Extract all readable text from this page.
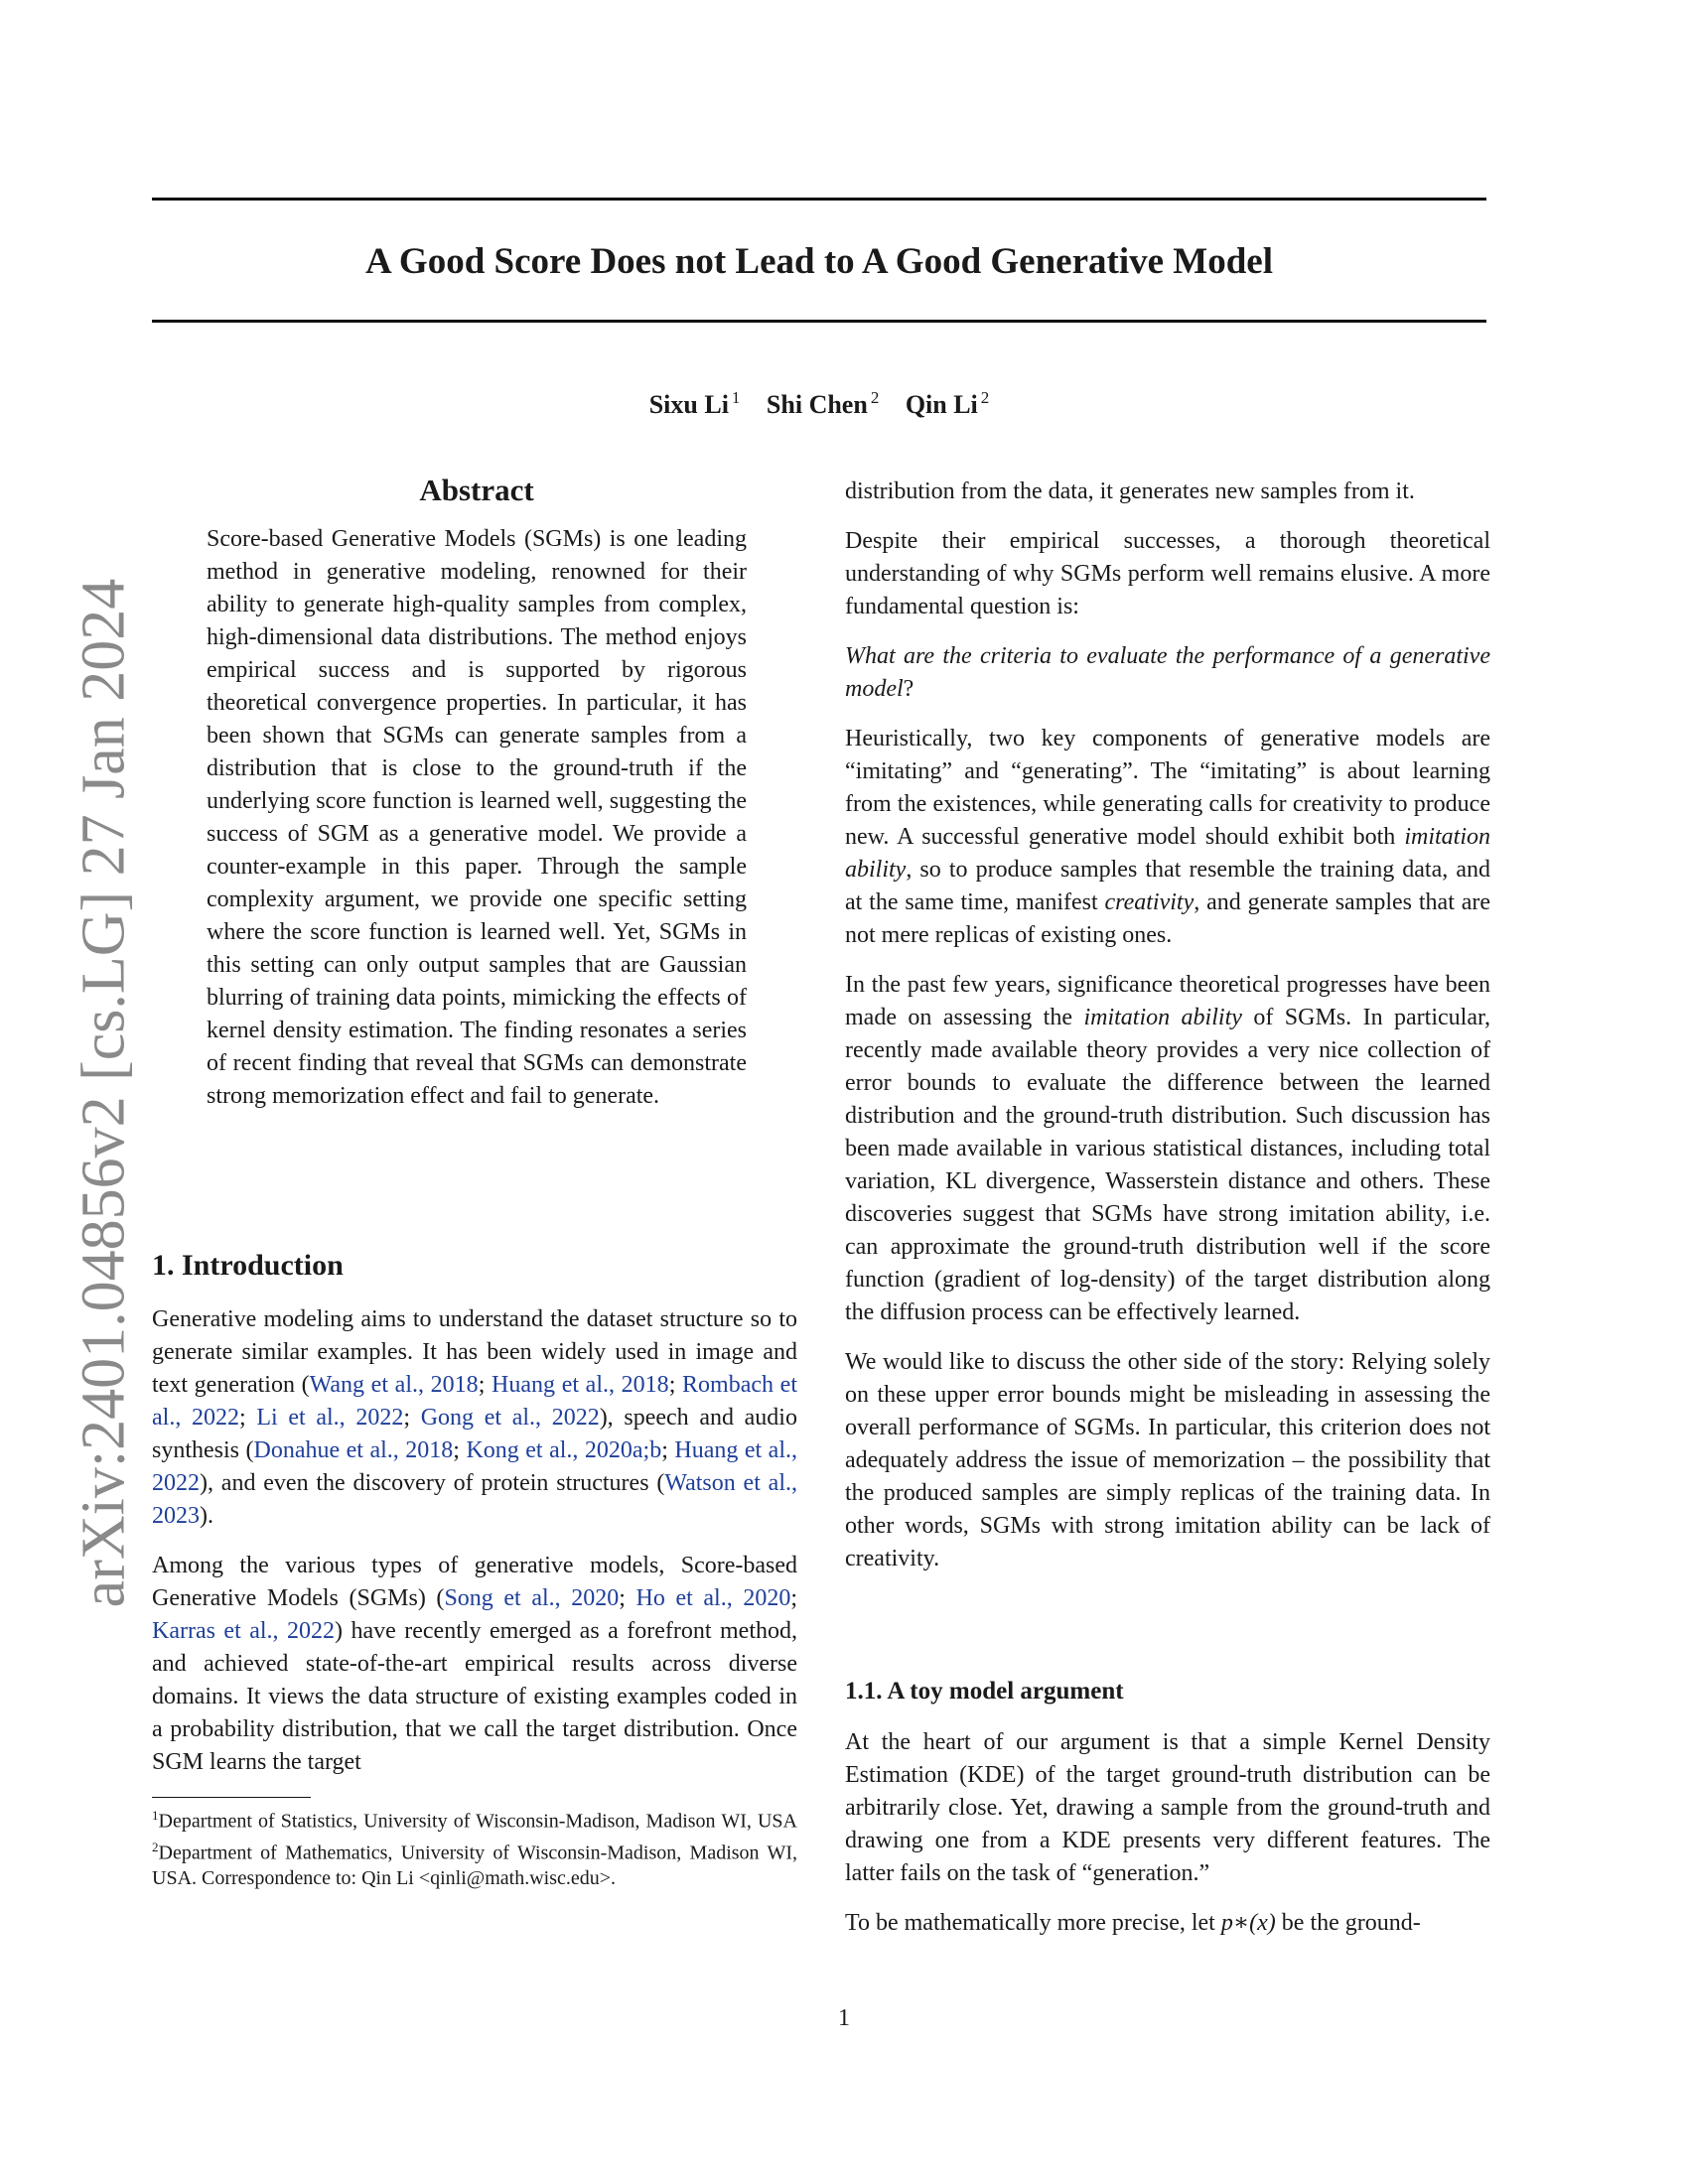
A Good Score Does not Lead to A Good Generative Model
Sixu Li $^1$ Shi Chen $^2$ Qin Li $^2$
arXiv:2401.04856v2 [cs.LG] 27 Jan 2024
Abstract

Score-based Generative Models (SGMs) is one leading method in generative modeling, renowned for their ability to generate high-quality samples from complex, high-dimensional data distributions. The method enjoys empirical success and is supported by rigorous theoretical convergence properties. In particular, it has been shown that SGMs can generate samples from a distribution that is close to the ground-truth if the underlying score function is learned well, suggesting the success of SGM as a generative model. We provide a counter-example in this paper. Through the sample complexity argument, we provide one specific setting where the score function is learned well. Yet, SGMs in this setting can only output samples that are Gaussian blurring of training data points, mimicking the effects of kernel density estimation. The finding resonates a series of recent finding that reveal that SGMs can demonstrate strong memorization effect and fail to generate.

1. Introduction

Generative modeling aims to understand the dataset structure so to generate similar examples. It has been widely used in image and text generation (Wang et al., 2018; Huang et al., 2018; Rombach et al., 2022; Li et al., 2022; Gong et al., 2022), speech and audio synthesis (Donahue et al., 2018; Kong et al., 2020a;b; Huang et al., 2022), and even the discovery of protein structures (Watson et al., 2023).

Among the various types of generative models, Score-based Generative Models (SGMs) (Song et al., 2020; Ho et al., 2020; Karras et al., 2022) have recently emerged as a forefront method, and achieved state-of-the-art empirical results across diverse domains. It views the data structure of existing examples coded in a probability distribution, that we call the target distribution. Once SGM learns the target

$^1$Department of Statistics, University of Wisconsin-Madison, Madison WI, USA $^2$Department of Mathematics, University of Wisconsin-Madison, Madison WI, USA. Correspondence to: Qin Li <qinli@math.wisc.edu>.

distribution from the data, it generates new samples from it.

Despite their empirical successes, a thorough theoretical understanding of why SGMs perform well remains elusive. A more fundamental question is:

What are the criteria to evaluate the performance of a generative model?

Heuristically, two key components of generative models are “imitating” and “generating”. The “imitating” is about learning from the existences, while generating calls for creativity to produce new. A successful generative model should exhibit both imitation ability, so to produce samples that resemble the training data, and at the same time, manifest creativity, and generate samples that are not mere replicas of existing ones.

In the past few years, significance theoretical progresses have been made on assessing the imitation ability of SGMs. In particular, recently made available theory provides a very nice collection of error bounds to evaluate the difference between the learned distribution and the ground-truth distribution. Such discussion has been made available in various statistical distances, including total variation, KL divergence, Wasserstein distance and others. These discoveries suggest that SGMs have strong imitation ability, i.e. can approximate the ground-truth distribution well if the score function (gradient of log-density) of the target distribution along the diffusion process can be effectively learned.

We would like to discuss the other side of the story: Relying solely on these upper error bounds might be misleading in assessing the overall performance of SGMs. In particular, this criterion does not adequately address the issue of memorization – the possibility that the produced samples are simply replicas of the training data. In other words, SGMs with strong imitation ability can be lack of creativity.

1.1. A toy model argument

At the heart of our argument is that a simple Kernel Density Estimation (KDE) of the target ground-truth distribution can be arbitrarily close. Yet, drawing a sample from the ground-truth and drawing one from a KDE presents very different features. The latter fails on the task of “generation.”

To be mathematically more precise, let p∗(x) be the ground-

1
